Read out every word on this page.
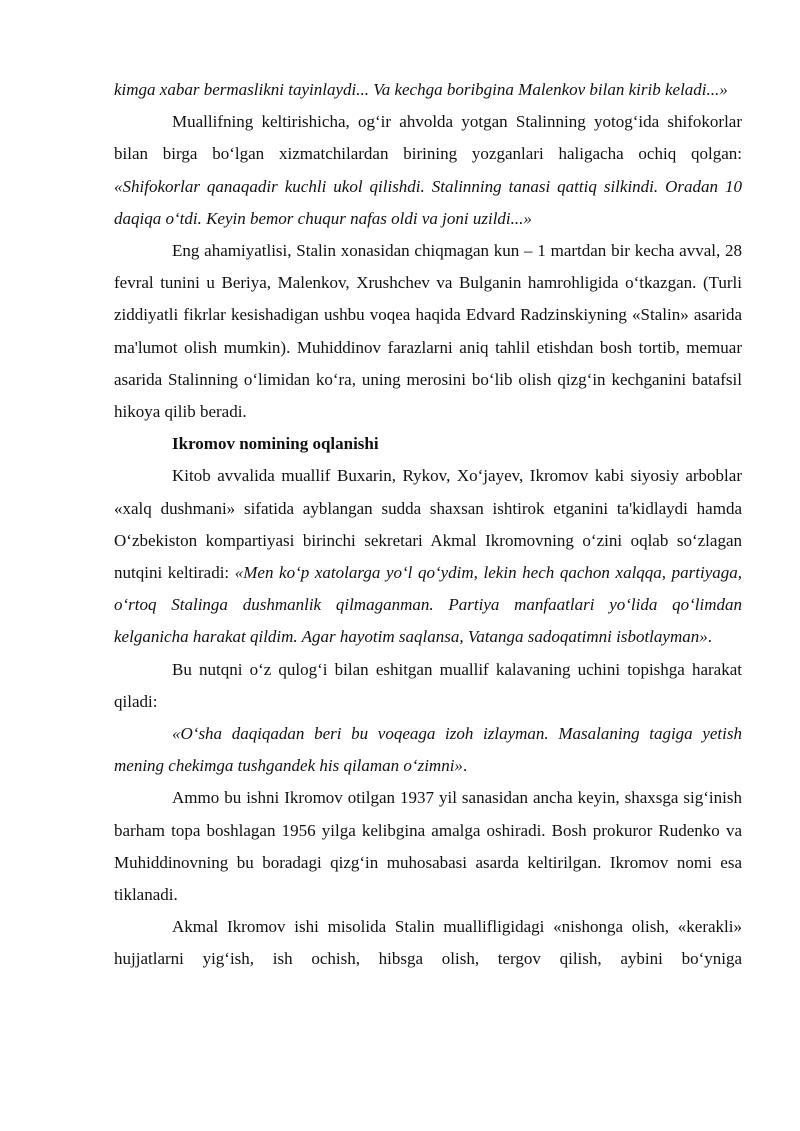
kimga xabar bermaslikni tayinlaydi... Va kechga boribgina Malenkov bilan kirib keladi...»

Muallifning keltirishicha, og‘ir ahvolda yotgan Stalinning yotog‘ida shifokorlar bilan birga bo‘lgan xizmatchilardan birining yozganlari haligacha ochiq qolgan: «Shifokorlar qanaqadir kuchli ukol qilishdi. Stalinning tanasi qattiq silkindi. Oradan 10 daqiqa o‘tdi. Keyin bemor chuqur nafas oldi va joni uzildi...»

Eng ahamiyatlisi, Stalin xonasidan chiqmagan kun – 1 martdan bir kecha avval, 28 fevral tunini u Beriya, Malenkov, Xrushchev va Bulganin hamrohligida o‘tkazgan. (Turli ziddiyatli fikrlar kesishadigan ushbu voqea haqida Edvard Radzinskiyning «Stalin» asarida ma'lumot olish mumkin). Muhiddinov farazlarni aniq tahlil etishdan bosh tortib, memuar asarida Stalinning o‘limidan ko‘ra, uning merosini bo‘lib olish qizg‘in kechganini batafsil hikoya qilib beradi.

Ikromov nomining oqlanishi

Kitob avvalida muallif Buxarin, Rykov, Xo‘jayev, Ikromov kabi siyosiy arboblar «xalq dushmani» sifatida ayblangan sudda shaxsan ishtirok etganini ta'kidlaydi hamda O‘zbekiston kompartiyasi birinchi sekretari Akmal Ikromovning o‘zini oqlab so‘zlagan nutqini keltiradi: «Men ko‘p xatolarga yo‘l qo‘ydim, lekin hech qachon xalqqa, partiyaga, o‘rtoq Stalinga dushmanlik qilmaganman. Partiya manfaatlari yo‘lida qo‘limdan kelganicha harakat qildim. Agar hayotim saqlansa, Vatanga sadoqatimni isbotlayman».

Bu nutqni o‘z qulog‘i bilan eshitgan muallif kalavaning uchini topishga harakat qiladi:

«O‘sha daqiqadan beri bu voqeaga izoh izlayman. Masalaning tagiga yetish mening chekimga tushgandek his qilaman o‘zimni».

Ammo bu ishni Ikromov otilgan 1937 yil sanasidan ancha keyin, shaxsga sig‘inish barham topa boshlagan 1956 yilga kelibgina amalga oshiradi. Bosh prokuror Rudenko va Muhiddinovning bu boradagi qizg‘in muhosabasi asarda keltirilgan. Ikromov nomi esa tiklanadi.

Akmal Ikromov ishi misolida Stalin muallifligidagi «nishonga olish, «kerakli» hujjatlarni yig‘ish, ish ochish, hibsga olish, tergov qilish, aybini bo‘yniga
